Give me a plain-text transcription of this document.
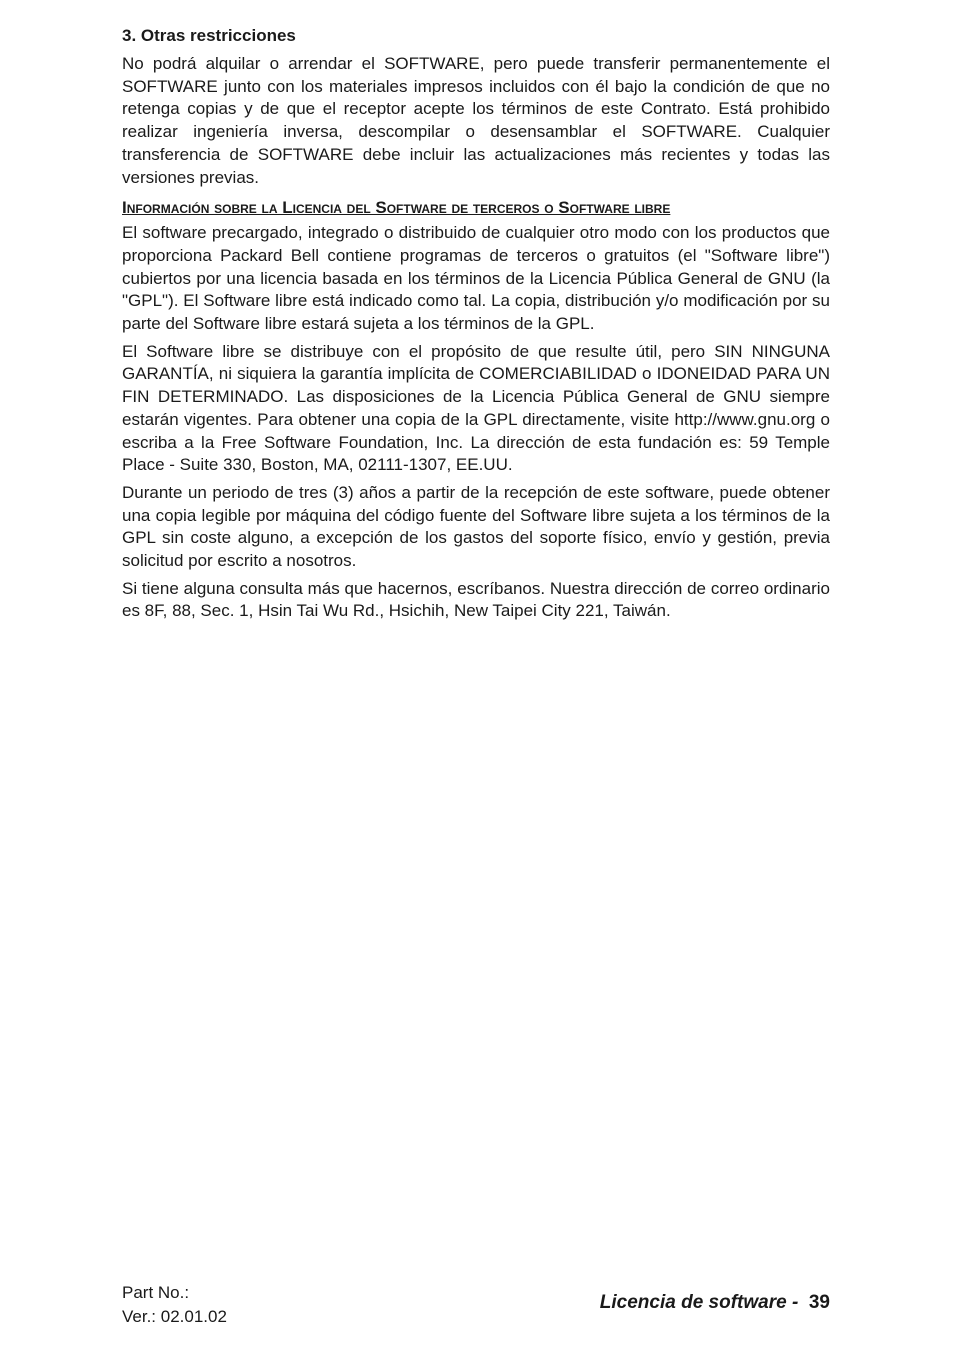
3. Otras restricciones

No podrá alquilar o arrendar el SOFTWARE, pero puede transferir permanentemente el SOFTWARE junto con los materiales impresos incluidos con él bajo la condición de que no retenga copias y de que el receptor acepte los términos de este Contrato. Está prohibido realizar ingeniería inversa, descompilar o desensamblar el SOFTWARE. Cualquier transferencia de SOFTWARE debe incluir las actualizaciones más recientes y todas las versiones previas.

Información sobre la Licencia del Software de terceros o Software libre

El software precargado, integrado o distribuido de cualquier otro modo con los productos que proporciona Packard Bell contiene programas de terceros o gratuitos (el "Software libre") cubiertos por una licencia basada en los términos de la Licencia Pública General de GNU (la "GPL"). El Software libre está indicado como tal. La copia, distribución y/o modificación por su parte del Software libre estará sujeta a los términos de la GPL.

El Software libre se distribuye con el propósito de que resulte útil, pero SIN NINGUNA GARANTÍA, ni siquiera la garantía implícita de COMERCIABILIDAD o IDONEIDAD PARA UN FIN DETERMINADO. Las disposiciones de la Licencia Pública General de GNU siempre estarán vigentes. Para obtener una copia de la GPL directamente, visite http://www.gnu.org o escriba a la Free Software Foundation, Inc. La dirección de esta fundación es: 59 Temple Place - Suite 330, Boston, MA, 02111-1307, EE.UU.

Durante un periodo de tres (3) años a partir de la recepción de este software, puede obtener una copia legible por máquina del código fuente del Software libre sujeta a los términos de la GPL sin coste alguno, a excepción de los gastos del soporte físico, envío y gestión, previa solicitud por escrito a nosotros.

Si tiene alguna consulta más que hacernos, escríbanos. Nuestra dirección de correo ordinario es 8F, 88, Sec. 1, Hsin Tai Wu Rd., Hsichih, New Taipei City 221, Taiwán.

Part No.:
Ver.: 02.01.02
Licencia de software -  39
